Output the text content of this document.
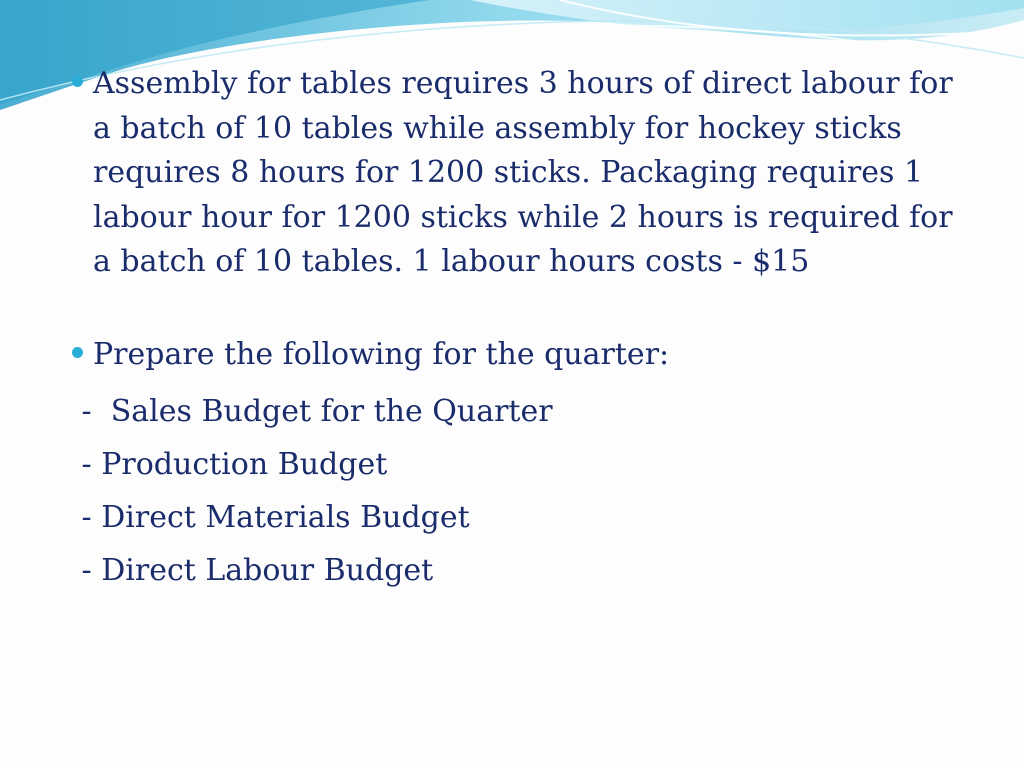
Assembly for tables requires 3 hours of direct labour for a batch of 10 tables while assembly for hockey sticks requires 8 hours for 1200 sticks. Packaging requires 1 labour hour for 1200 sticks while 2 hours is required for a batch of 10 tables. 1 labour hours costs - $15
Prepare the following for the quarter:
-  Sales Budget for the Quarter
- Production Budget
- Direct Materials Budget
- Direct Labour Budget
